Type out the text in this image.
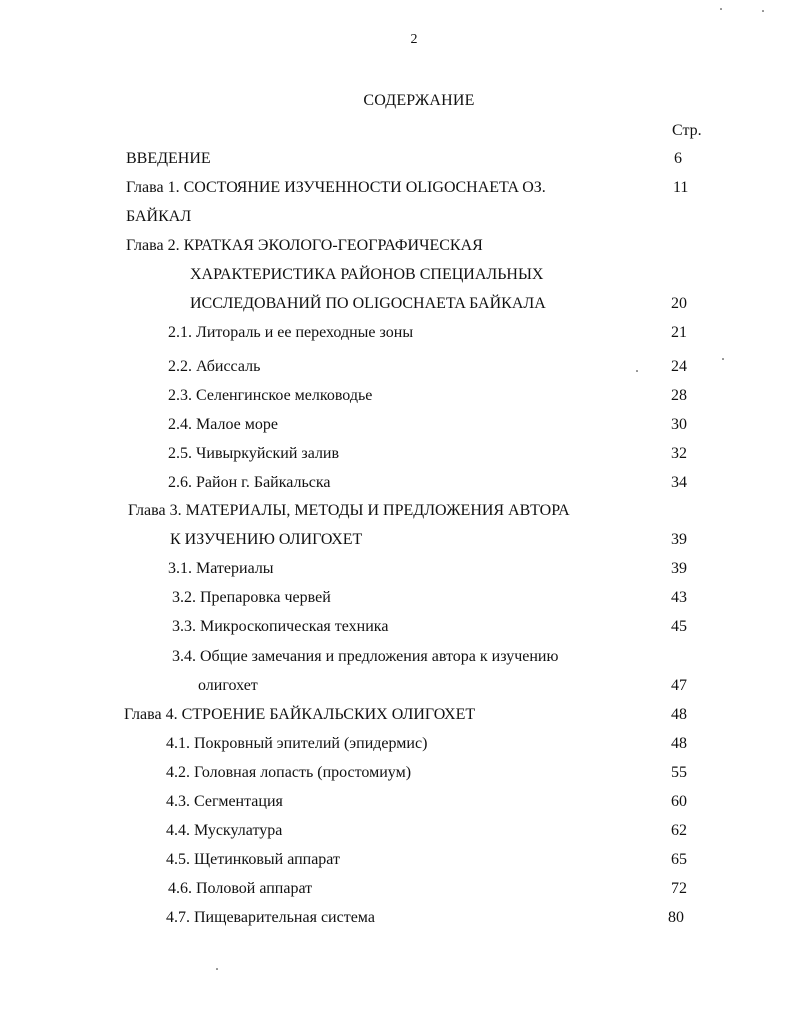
2
СОДЕРЖАНИЕ
Стр.
ВВЕДЕНИЕ	6
Глава 1. СОСТОЯНИЕ ИЗУЧЕННОСТИ OLIGOCHAETA ОЗ.	11
БАЙКАЛ
Глава 2. КРАТКАЯ ЭКОЛОГО-ГЕОГРАФИЧЕСКАЯ
ХАРАКТЕРИСТИКА РАЙОНОВ СПЕЦИАЛЬНЫХ
ИССЛЕДОВАНИЙ ПО OLIGOCHAETA БАЙКАЛА	20
2.1. Литораль и ее переходные зоны	21
2.2. Абиссаль	24
2.3. Селенгинское мелководье	28
2.4. Малое море	30
2.5. Чивыркуйский залив	32
2.6. Район г. Байкальска	34
Глава 3. МАТЕРИАЛЫ, МЕТОДЫ И ПРЕДЛОЖЕНИЯ АВТОРА
К ИЗУЧЕНИЮ ОЛИГОХЕТ	39
3.1. Материалы	39
3.2. Препаровка червей	43
3.3. Микроскопическая техника	45
3.4. Общие замечания и предложения автора к изучению
олигохет	47
Глава 4. СТРОЕНИЕ БАЙКАЛЬСКИХ ОЛИГОХЕТ	48
4.1. Покровный эпителий (эпидермис)	48
4.2. Головная лопасть (простомиум)	55
4.3. Сегментация	60
4.4. Мускулатура	62
4.5. Щетинковый аппарат	65
4.6. Половой аппарат	72
4.7. Пищеварительная система	80
